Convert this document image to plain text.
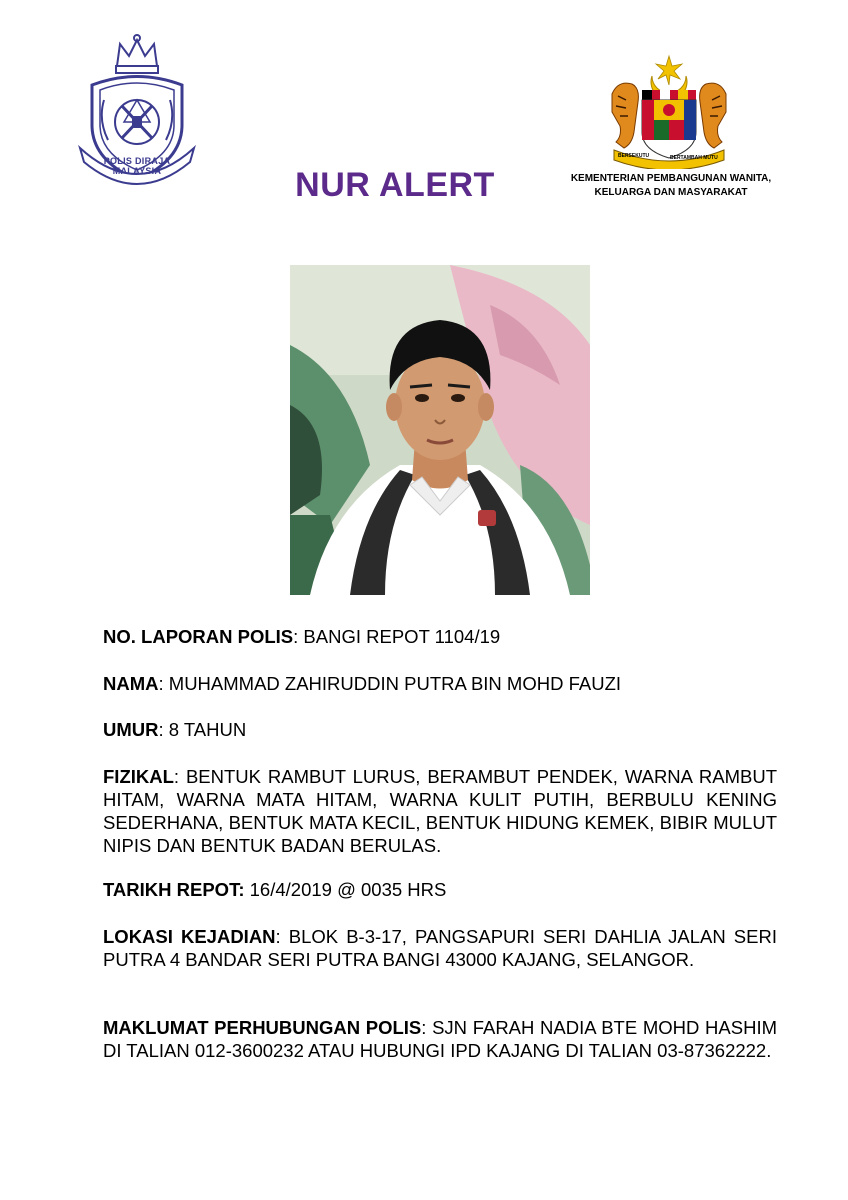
POLIS DIRAJA MALAYSIA
BERSEKUTU	BERTAMBAH MUTU
KEMENTERIAN PEMBANGUNAN WANITA,
KELUARGA DAN MASYARAKAT
NUR ALERT
NO. LAPORAN POLIS: BANGI REPOT 1104/19
NAMA: MUHAMMAD ZAHIRUDDIN PUTRA BIN MOHD FAUZI
UMUR: 8 TAHUN
FIZIKAL: BENTUK RAMBUT LURUS, BERAMBUT PENDEK, WARNA RAMBUT HITAM, WARNA MATA HITAM, WARNA KULIT PUTIH, BERBULU KENING SEDERHANA, BENTUK MATA KECIL, BENTUK HIDUNG KEMEK, BIBIR MULUT NIPIS DAN BENTUK BADAN BERULAS.
TARIKH REPOT: 16/4/2019 @ 0035 HRS
LOKASI KEJADIAN: BLOK B-3-17, PANGSAPURI SERI DAHLIA JALAN SERI PUTRA 4 BANDAR SERI PUTRA BANGI 43000 KAJANG, SELANGOR.
MAKLUMAT PERHUBUNGAN POLIS: SJN FARAH NADIA BTE MOHD HASHIM DI TALIAN 012-3600232 ATAU HUBUNGI IPD KAJANG DI TALIAN 03-87362222.
